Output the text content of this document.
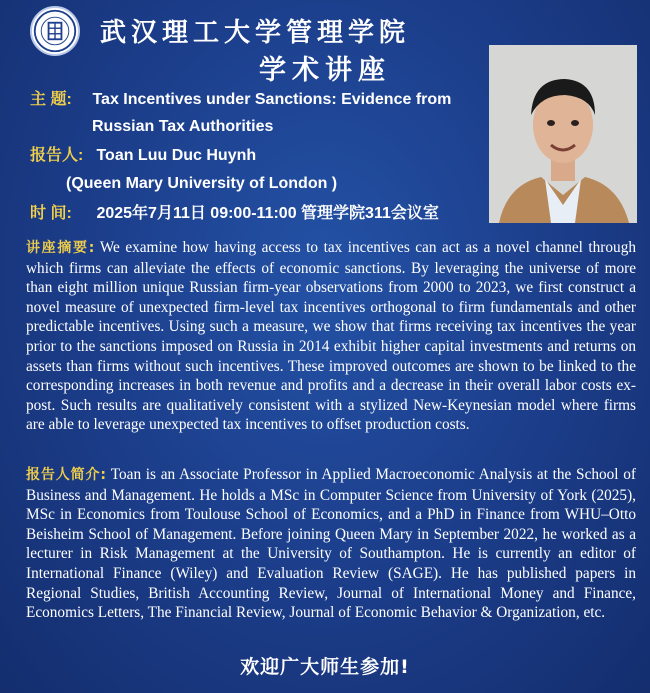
武汉理工大学管理学院
学术讲座
主 题: Tax Incentives under Sanctions: Evidence from
Russian Tax Authorities
报告人: Toan Luu Duc Huynh
(Queen Mary University of London )
时 间: 2025年7月11日 09:00-11:00 管理学院311会议室
讲座摘要: We examine how having access to tax incentives can act as a novel channel through which firms can alleviate the effects of economic sanctions. By leveraging the universe of more than eight million unique Russian firm-year observations from 2000 to 2023, we first construct a novel measure of unexpected firm-level tax incentives orthogonal to firm fundamentals and other predictable incentives. Using such a measure, we show that firms receiving tax incentives the year prior to the sanctions imposed on Russia in 2014 exhibit higher capital investments and returns on assets than firms without such incentives. These improved outcomes are shown to be linked to the corresponding increases in both revenue and profits and a decrease in their overall labor costs ex-post. Such results are qualitatively consistent with a stylized New-Keynesian model where firms are able to leverage unexpected tax incentives to offset production costs.
报告人简介: Toan is an Associate Professor in Applied Macroeconomic Analysis at the School of Business and Management. He holds a MSc in Computer Science from University of York (2025), MSc in Economics from Toulouse School of Economics, and a PhD in Finance from WHU–Otto Beisheim School of Management. Before joining Queen Mary in September 2022, he worked as a lecturer in Risk Management at the University of Southampton. He is currently an editor of International Finance (Wiley) and Evaluation Review (SAGE). He has published papers in Regional Studies, British Accounting Review, Journal of International Money and Finance, Economics Letters, The Financial Review, Journal of Economic Behavior & Organization, etc.
欢迎广大师生参加!
